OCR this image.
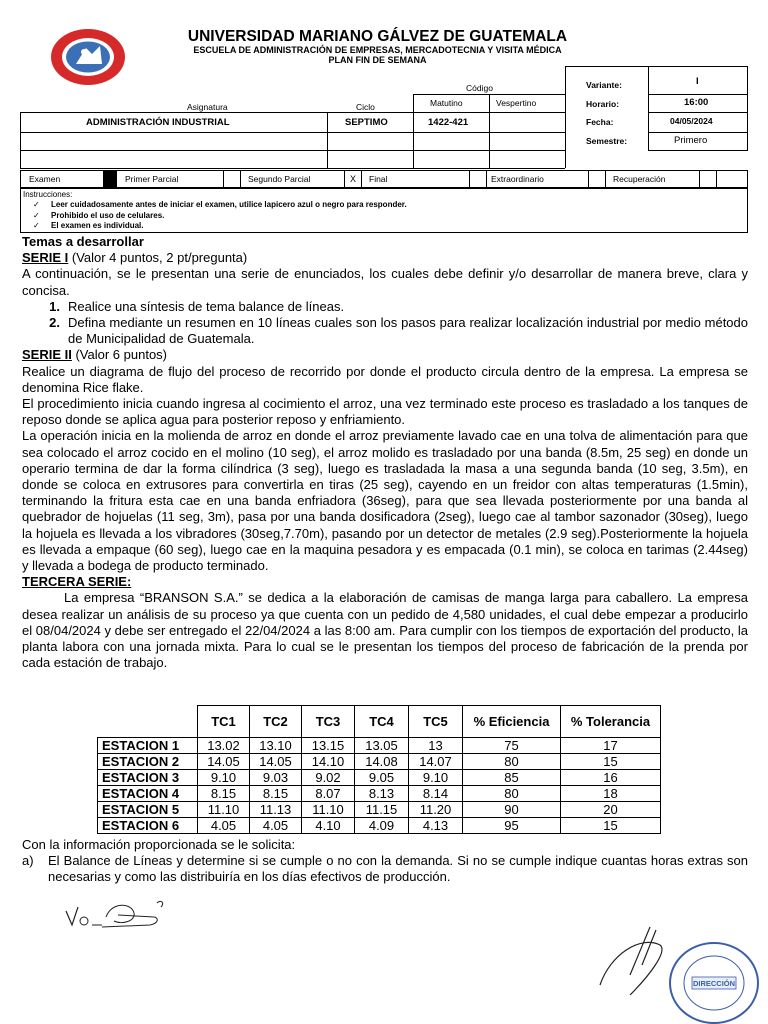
UNIVERSIDAD MARIANO GÁLVEZ DE GUATEMALA
ESCUELA DE ADMINISTRACIÓN DE EMPRESAS, MERCADOTECNIA Y VISITA MÉDICA
PLAN FIN DE SEMANA
Código
Asignatura	Ciclo	Matutino	Vespertino
ADMINISTRACIÓN INDUSTRIAL	SEPTIMO	1422-421
Variante:	I
Horario:	16:00
Fecha:	04/05/2024
Semestre:	Primero
Examen	Primer Parcial	Segundo Parcial	X	Final	Extraordinario	Recuperación
Instrucciones:
✓ Leer cuidadosamente antes de iniciar el examen, utilice lapicero azul o negro para responder.
✓ Prohibido el uso de celulares.
✓ El examen es individual.

Temas a desarrollar

SERIE I (Valor 4 puntos, 2 pt/pregunta)

A continuación, se le presentan una serie de enunciados, los cuales debe definir y/o desarrollar de manera breve, clara y concisa.

1. Realice una síntesis de tema balance de líneas.
2. Defina mediante un resumen en 10 líneas cuales son los pasos para realizar localización industrial por medio método de Municipalidad de Guatemala.

SERIE II (Valor 6 puntos)

Realice un diagrama de flujo del proceso de recorrido por donde el producto circula dentro de la empresa. La empresa se denomina Rice flake.

El procedimiento inicia cuando ingresa al cocimiento el arroz, una vez terminado este proceso es trasladado a los tanques de reposo donde se aplica agua para posterior reposo y enfriamiento.

La operación inicia en la molienda de arroz en donde el arroz previamente lavado cae en una tolva de alimentación para que sea colocado el arroz cocido en el molino (10 seg), el arroz molido es trasladado por una banda (8.5m, 25 seg) en donde un operario termina de dar la forma cilíndrica (3 seg), luego es trasladada la masa a una segunda banda (10 seg, 3.5m), en donde se coloca en extrusores para convertirla en tiras (25 seg), cayendo en un freidor con altas temperaturas (1.5min), terminando la fritura esta cae en una banda enfriadora (36seg), para que sea llevada posteriormente por una banda al quebrador de hojuelas (11 seg, 3m), pasa por una banda dosificadora (2seg), luego cae al tambor sazonador (30seg), luego la hojuela es llevada a los vibradores (30seg,7.70m), pasando por un detector de metales (2.9 seg).Posteriormente la hojuela es llevada a empaque (60 seg), luego cae en la maquina pesadora y es empacada (0.1 min), se coloca en tarimas (2.44seg) y llevada a bodega de producto terminado.

TERCERA SERIE:

La empresa “BRANSON S.A.” se dedica a la elaboración de camisas de manga larga para caballero. La empresa desea realizar un análisis de su proceso ya que cuenta con un pedido de 4,580 unidades, el cual debe empezar a producirlo el 08/04/2024 y debe ser entregado el 22/04/2024 a las 8:00 am. Para cumplir con los tiempos de exportación del producto, la planta labora con una jornada mixta. Para lo cual se le presentan los tiempos del proceso de fabricación de la prenda por cada estación de trabajo.

	TC1	TC2	TC3	TC4	TC5	% Eficiencia	% Tolerancia
ESTACION 1	13.02	13.10	13.15	13.05	13	75	17
ESTACION 2	14.05	14.05	14.10	14.08	14.07	80	15
ESTACION 3	9.10	9.03	9.02	9.05	9.10	85	16
ESTACION 4	8.15	8.15	8.07	8.13	8.14	80	18
ESTACION 5	11.10	11.13	11.10	11.15	11.20	90	20
ESTACION 6	4.05	4.05	4.10	4.09	4.13	95	15

Con la información proporcionada se le solicita:

a)	El Balance de Líneas y determine si se cumple o no con la demanda. Si no se cumple indique cuantas horas extras son necesarias y como las distribuiría en los días efectivos de producción.
DIRECCIÓN
